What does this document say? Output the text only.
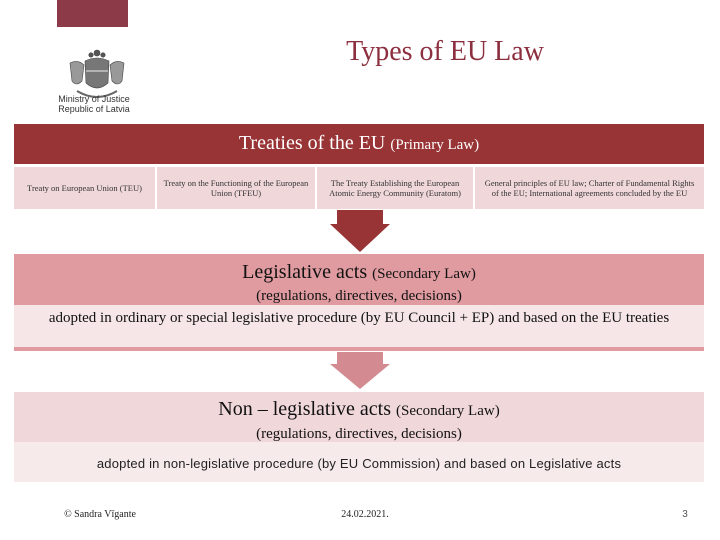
Ministry of Justice
Republic of Latvia
Types of EU Law
Treaties of the EU (Primary Law)
Treaty on European Union (TEU)	Treaty on the Functioning of the European Union (TFEU)
The Treaty Establishing the European Atomic Energy Community (Euratom)
General principles of EU law; Charter of Fundamental Rights of the EU; International agreements concluded by the EU
Legislative acts (Secondary Law)
(regulations, directives, decisions)
adopted in ordinary or special legislative procedure (by EU Council + EP) and based on the EU treaties
Non – legislative acts (Secondary Law)
(regulations, directives, decisions)
adopted in non-legislative procedure (by EU Commission) and based on Legislative acts
© Sandra Vīgante	24.02.2021.	3
